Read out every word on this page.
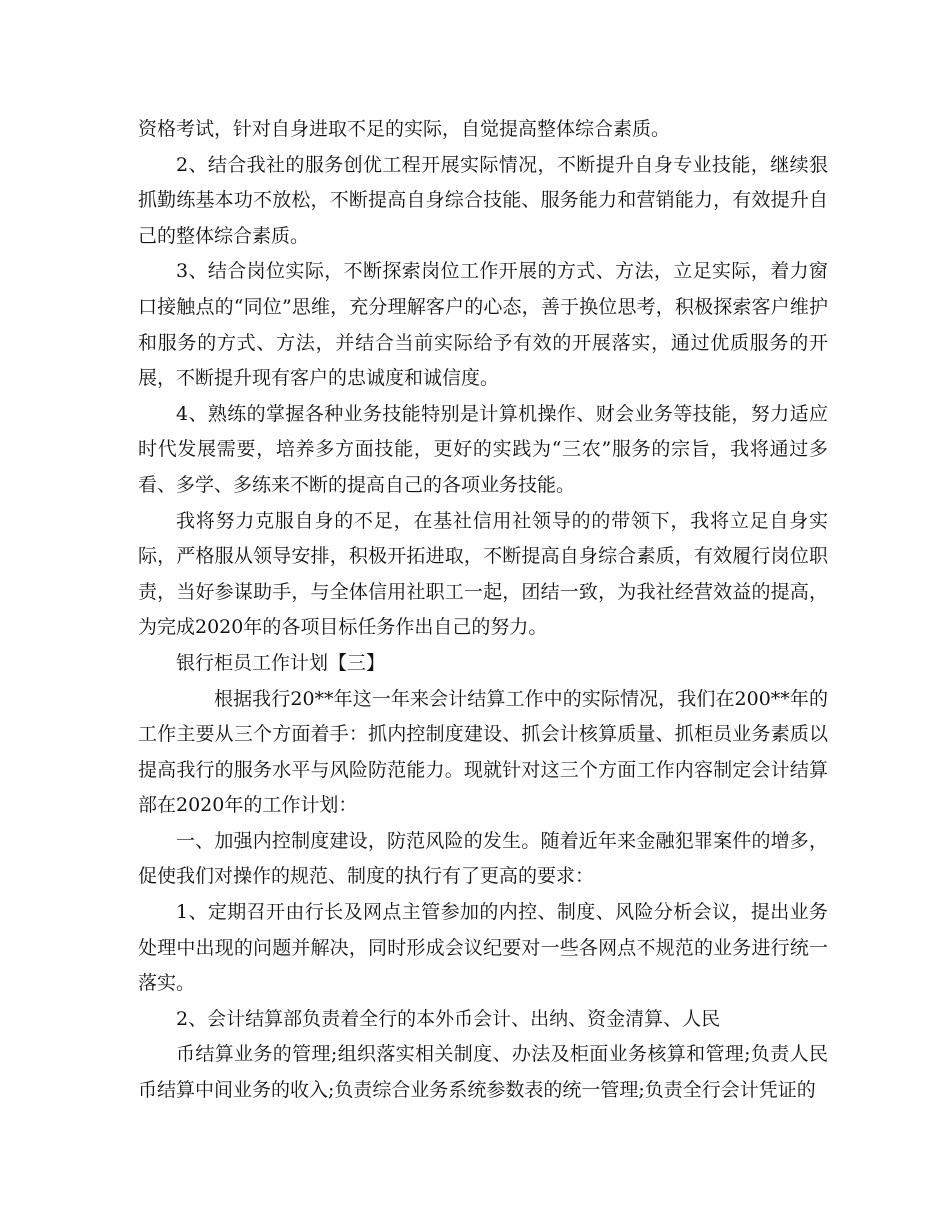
资格考试，针对自身进取不足的实际，自觉提高整体综合素质。

2、结合我社的服务创优工程开展实际情况，不断提升自身专业技能，继续狠抓勤练基本功不放松，不断提高自身综合技能、服务能力和营销能力，有效提升自己的整体综合素质。

3、结合岗位实际，不断探索岗位工作开展的方式、方法，立足实际，着力窗口接触点的“同位”思维，充分理解客户的心态，善于换位思考，积极探索客户维护和服务的方式、方法，并结合当前实际给予有效的开展落实，通过优质服务的开展，不断提升现有客户的忠诚度和诚信度。

4、熟练的掌握各种业务技能特别是计算机操作、财会业务等技能，努力适应时代发展需要，培养多方面技能，更好的实践为“三农”服务的宗旨，我将通过多看、多学、多练来不断的提高自己的各项业务技能。

我将努力克服自身的不足，在基社信用社领导的的带领下，我将立足自身实际，严格服从领导安排，积极开拓进取，不断提高自身综合素质，有效履行岗位职责，当好参谋助手，与全体信用社职工一起，团结一致，为我社经营效益的提高，为完成2020年的各项目标任务作出自己的努力。

银行柜员工作计划【三】

根据我行20**年这一年来会计结算工作中的实际情况，我们在200**年的工作主要从三个方面着手：抓内控制度建设、抓会计核算质量、抓柜员业务素质以提高我行的服务水平与风险防范能力。现就针对这三个方面工作内容制定会计结算部在2020年的工作计划：

一、加强内控制度建设，防范风险的发生。随着近年来金融犯罪案件的增多，促使我们对操作的规范、制度的执行有了更高的要求：

1、定期召开由行长及网点主管参加的内控、制度、风险分析会议，提出业务处理中出现的问题并解决，同时形成会议纪要对一些各网点不规范的业务进行统一落实。

2、会计结算部负责着全行的本外币会计、出纳、资金清算、人民

币结算业务的管理;组织落实相关制度、办法及柜面业务核算和管理;负责人民币结算中间业务的收入;负责综合业务系统参数表的统一管理;负责全行会计凭证的
